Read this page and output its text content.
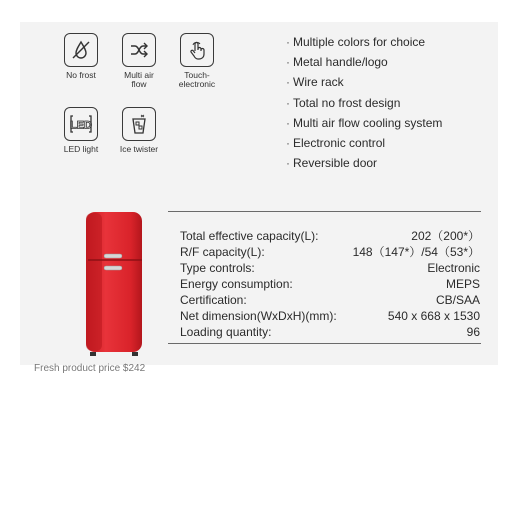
No frost	Multi air flow
Touch-electronic
LED
LED light	Ice twister
· Multiple colors for choice
· Metal handle/logo
· Wire rack
· Total no frost design
· Multi air flow cooling system
· Electronic control
· Reversible door
Total effective capacity(L):	202（200*）
R/F capacity(L):	148（147*）/54（53*）
Type controls:	Electronic
Energy consumption:	MEPS
Certification:	CB/SAA
Net dimension(WxDxH)(mm):	540 x 668 x 1530
Loading quantity:	96
Fresh product price $242
